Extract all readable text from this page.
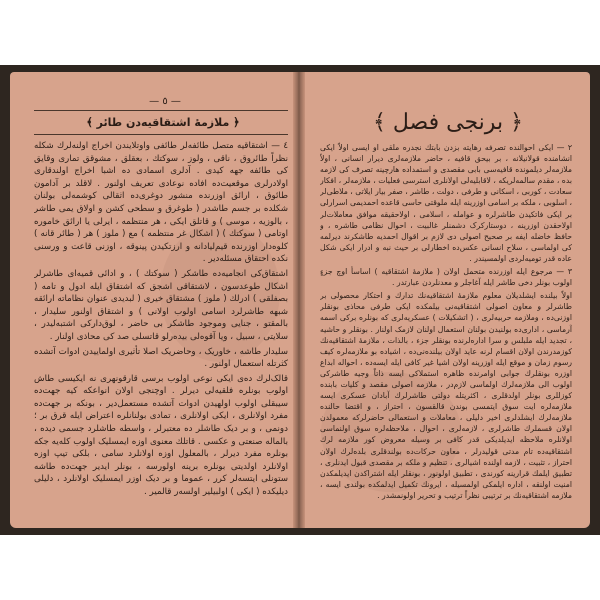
— ٥ —
﴿ ملازمهٔ اشتقاقیه‌دن طائر ﴾

٤ — اشتقاقیه متصل طائفه‌لر طائفی واوتلایندن اخراج اولنه‌لرك شکله نظراً طائروق ، ناقی ، ولوز ، سوکتك ، بعقلق ، مشوقق تماری وقایق کی طائفه جهه کیدی . آدلری اسمادی ده اشبا اخراج اولندقاری اولادرلری موقعیت‌ده افاده نوعادی تعریف اولنور . لاقلد بر آدامون طائوق ، ارائق اوزرنده منشور دوغری‌ده اثقالی کوشمه‌لی بولنان شکلده بر جسم طاشدر ( طوغرق و سطحی کشن و اولاق یمی طاشر ، بالوزیه ، موسی ) و قاتلق ایکی ، هر منتظمه ، ایرلی یا ارائق خاموره اوتامی ( سوکتك ) ( اشکال غر منتظمه ) مع ( ملوز ) هر ( طائر قانه ) کلوه‌دار اوزرنده قیم‌لیادانه و ارزتکیدن پینوقه ، اوزنی قاعت و ورسنی نکده احتقاق مسئله‌دیر .

اشتقاق‌کی انجامیه‌ده طاشکر ( سوکتك ) ، و ادائی قمیه‌ای طاشرلر اشکال طوعدسون ، لاشتقاقی اشجق که اشتقاق ایله ادول و تامه ( بصفلقی ) ادرلك ( ملوز ) مشتقاق خیری ( لبدیدی عنوان نظاماته ارائقه شبهه طاشرلرد اسامی اولوب اولانی ) و اشتقاق اولنور سلیدار ، بالمقتو ، جنایی وموجود طاشکر بی حاضر ، لوق‌دارکی اشتبه‌لیدر ، سلایتی ، سبیل ، ویا آقوه‌لی بیده‌رلو قاتسلی صد کی محاذی اولنار .

سلیدار طاشه ، خاوریک ، وحاضریک اصلا تأثیری اولماییدن ادوات آتشده کثرتله استعمال اولنور .

قالک‌لرك ده‌ی ایکی نوعی اولوب برسی قارقو‌نهری نه ایکیسی طاش اولوب بونلره فلقیه‌لی دیرلر . اوچنجی اولان انواعکه کیه جهت‌ده سیبقلی اولوب اولهیدن ادوات آتشده مستعمل‌دیر ، بونکه بر جهت‌ده مفرد اولانلری ، ایکی اولانلری ، تمادی بولنانلره اعتراض ایله قرق بر ؛ دونمی ، و بر دیک طاشلر ده معتبرلر ، واسطه طاشلرد جسمی دیده ، بالماله صنعتی و عکسی . قاتلك معنوی اوزه ایمسلیک اولوب کله‌یه جکه بونلره مفرد دیرلر ، بالمعلول اوزه اولانلرد سامی ، بلکی تیپ اوزه اولانلرد اولدیتی بونلره برینه اولورسه ، بونلر ایدیر جهت‌ده طاشه ستونلی ایتسه‌لر کرر ، عموما و بر دیک اوزر ایمسلیک اولانلرد ، دلیلی دیلیکده ( ایکی ) اولبیلیر اولسه‌ر قالمیر .

﴿ برنجی فصل ﴾

٢ — ایکی احوالنده تصرفه رهایته بزدن بابتك نجدره ملقی او ایسی اولاً ایکی انشامنده قولانیلانه ، بر بیحق قافیه ، حاضر ملازمه‌لری دیرار انسانی ، اولاً ملازمه‌لر دیلمونده قافیه‌سی بابی مقصدی و استمداده هارچینه تصرف کی لازمه بده ، مقدم سالمه‌لریکه ، لاقابلیه‌لی اولانلری استرسی فعلیات ، ملازمه‌لر ، افکار سعادت ، کوربی ، اسکانی و طرفی ، دولت ، طاشر ، صفر بیار ایلاتی ، ملاطی‌لر ، اسلوبی ، ملکه بر اسامی اوزرینه ایله ملوقتی حاسی قاعده احمدیمی اسرارلی بر ایکی فاتکیدن طاشرلره و عوامله ، اسلامی ، اولاحقیقه موافق معاملات‌لر اولاحقدن اوزرینه ، دوستارکرک دشمنلر غالبیت ، احوال نظامی طاشره ، و حافظ خاضله ایفه بر صحیح اصولی دی لازم بر اقوال احمدیه طاشکرند دیرلمه کی اولماسی ، سلاح انسانی عکس‌ده اخطارلی بر حیث نبه و ادرار ایکی شکل عاده قدر تومیه‌لر‌دی اولمسیندر .

٣ — مرجوع ایله اوزرنده متحمل اولان ( ملازمهٔ اشتقاقیه ) اساسأ اوچ جزءٍ اولوب بونلر دخی طاشر ایله آغاجلر و معدنلردن عبارتدر .

اولاً بیلنده ایشلدیلان معلوم ملازمهٔ اشتقاقیه‌نك تدارك و احتکار محصولی بر طاشرلر و معاون اصولی اشتقاقیه‌نی بیلمکده ایکی طرفی محاذی بونقلر اوزنی‌ده ، وملازمه حربیه‌لری ، ( اتشکیلات ) عسکریه‌لری که بونلره برکی اسمه آرماسی ، اداری‌ده بولنیدن بولنان استعمال اولنان لازمک اولنار . بونقلر و حاشیه ، تجدید ایله ملبلس و سرا اداره‌لرنده بونقلر جزء ، بالذات ، ملازمهٔ اشتقاقیه‌نك کوزمدرندن اولان اقسام لرنه عاید اولان بیلنده‌نی‌ده ، اشیاده بو ملازمه‌لره کیف رسوم زمان و موقع ایله اوزرینه اولان اشیا غیر کافی ایله ایسه‌ده ، احواله ابداع اوزره بونقلرك جوابی اوامرنده ظاهره استملاکی ایسه ذاتاً وجیه طاشرکی اولوب الی ملازمه‌لرك اولماسی لازم‌در ، ملازمه اصولی مقصد و کلیات بابنده کوزللری بونلر اولدقلری ، اکثریتله دولتی طاشرلرك آبادان عسکری ایسه ملازمه‌لره ایت سوق ایتمسی بوندن قالقسون ، احتراز ، و اقتضا حالنده ملازمه‌لرك ایشلدلری اخیر دلیلی ، معاملات و استعمالی حاضرلرکه معمولدن اولان قسملرك طاشرلری ، لازمه‌لری ، احوال ، ملاحظه‌لره سوق اولنماسی اولانلره ملاحظه ایدیلدیکی قدر کافی بر وسیله معروض کور ملازمه لرك اشتقاقیه‌ده تام مدتی قولیدرلر ، معاون حرکات‌ده بولندقلری بلده‌لرك اولان احتراز ، تثبیت ، لازمه اولنده اشیالری ، تنظیم و ملکه بر مقصدی قبول ایدنلری ، تطبیق ایلمك قرارینه کورندی ، تطبیق اولونور ، بونقلر ایله اشتراکدن ایدیلمکدن امنیت اولنقه ، اداره ایلمکی اولمسیله ، ایرونك تکمیل ایدلمکده بولندی ایسه ، ملازمه اشتقاقیه‌نك بر ترتیبی نظراً ترتیب و تحریر اولونمشدر .
